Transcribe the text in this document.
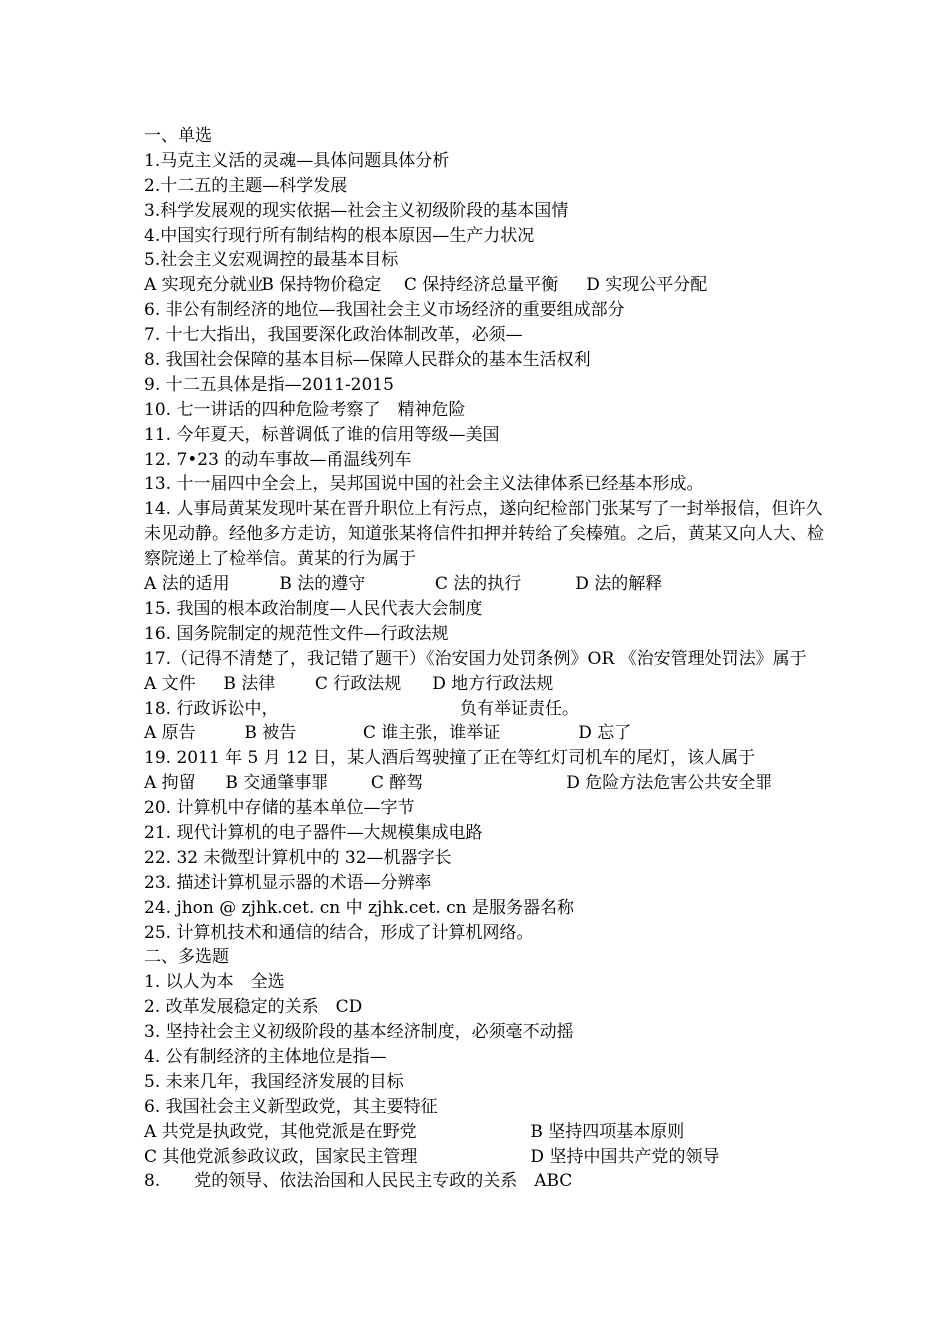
一、单选
1.马克主义活的灵魂—具体问题具体分析
2.十二五的主题—科学发展
3.科学发展观的现实依据—社会主义初级阶段的基本国情
4.中国实行现行所有制结构的根本原因—生产力状况
5.社会主义宏观调控的最基本目标
A 实现充分就业 B 保持物价稳定 C 保持经济总量平衡 D 实现公平分配
6. 非公有制经济的地位—我国社会主义市场经济的重要组成部分
7. 十七大指出，我国要深化政治体制改革，必须—
8. 我国社会保障的基本目标—保障人民群众的基本生活权利
9. 十二五具体是指—2011-2015
10. 七一讲话的四种危险考察了　精神危险
11. 今年夏天，标普调低了谁的信用等级—美国
12. 7•23 的动车事故—甬温线列车
13. 十一届四中全会上，吴邦国说中国的社会主义法律体系已经基本形成。
14. 人事局黄某发现叶某在晋升职位上有污点，遂向纪检部门张某写了一封举报信，但许久未见动静。经他多方走访，知道张某将信件扣押并转给了矣榛殖。之后，黄某又向人大、检察院递上了检举信。黄某的行为属于
A 法的适用	B 法的遵守	C 法的执行	D 法的解释
15. 我国的根本政治制度—人民代表大会制度
16. 国务院制定的规范性文件—行政法规
17.（记得不清楚了，我记错了题干）《治安国力处罚条例》OR 《治安管理处罚法》属于
A 文件 B 法律 C 行政法规 D 地方行政法规
18. 行政诉讼中，	负有举证责任。
A 原告	B 被告	C 谁主张，谁举证	D 忘了
19. 2011 年 5 月 12 日，某人酒后驾驶撞了正在等红灯司机车的尾灯，该人属于
A 拘留 B 交通肇事罪	C 醉驾	D 危险方法危害公共安全罪
20. 计算机中存储的基本单位—字节
21. 现代计算机的电子器件—大规模集成电路
22. 32 未微型计算机中的 32—机器字长
23. 描述计算机显示器的术语—分辨率
24. jhon @ zjhk.cet. cn 中 zjhk.cet. cn 是服务器名称
25. 计算机技术和通信的结合，形成了计算机网络。
二、多选题
1. 以人为本　全选
2. 改革发展稳定的关系　CD
3. 坚持社会主义初级阶段的基本经济制度，必须毫不动摇
4. 公有制经济的主体地位是指—
5. 未来几年，我国经济发展的目标
6. 我国社会主义新型政党，其主要特征
A 共党是执政党，其他党派是在野党	B 坚持四项基本原则
C 其他党派参政议政，国家民主管理	D 坚持中国共产党的领导
8.　　党的领导、依法治国和人民民主专政的关系　ABC
